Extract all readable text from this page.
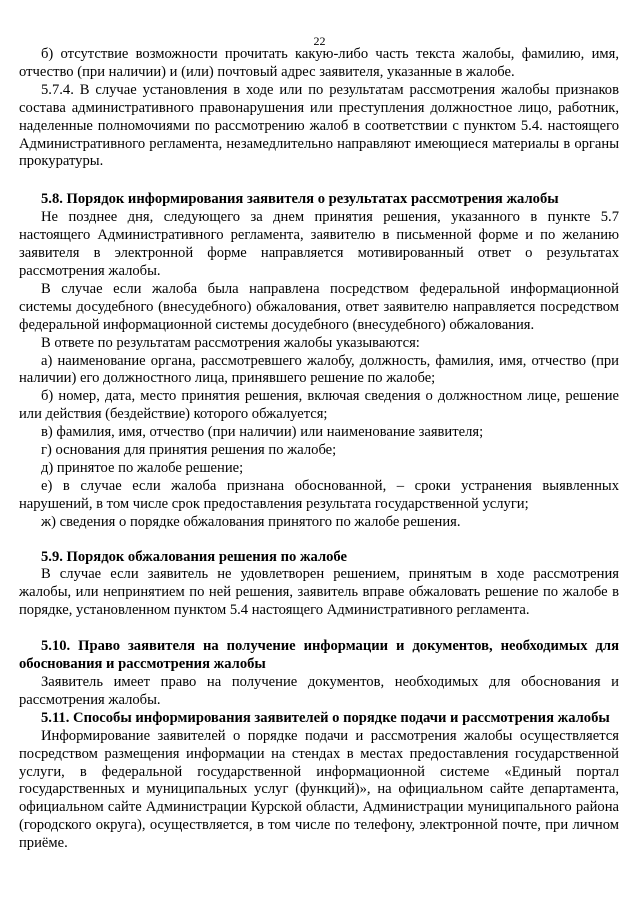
22

б) отсутствие возможности прочитать какую-либо часть текста жалобы, фамилию, имя, отчество (при наличии) и (или) почтовый адрес заявителя, указанные в жалобе.

5.7.4. В случае установления в ходе или по результатам рассмотрения жалобы признаков состава административного правонарушения или преступления должностное лицо, работник, наделенные полномочиями по рассмотрению жалоб в соответствии с пунктом 5.4. настоящего Административного регламента, незамедлительно направляют имеющиеся материалы в органы прокуратуры.

5.8. Порядок информирования заявителя о результатах рассмотрения жалобы

Не позднее дня, следующего за днем принятия решения, указанного в пункте 5.7 настоящего Административного регламента, заявителю в письменной форме и по желанию заявителя в электронной форме направляется мотивированный ответ о результатах рассмотрения жалобы.

В случае если жалоба была направлена посредством федеральной информационной системы досудебного (внесудебного) обжалования, ответ заявителю направляется посредством федеральной информационной системы досудебного (внесудебного) обжалования.

В ответе по результатам рассмотрения жалобы указываются:

а) наименование органа, рассмотревшего жалобу, должность, фамилия, имя, отчество (при наличии) его должностного лица, принявшего решение по жалобе;

б) номер, дата, место принятия решения, включая сведения о должностном лице, решение или действия (бездействие) которого обжалуется;

в) фамилия, имя, отчество (при наличии) или наименование заявителя;

г) основания для принятия решения по жалобе;

д) принятое по жалобе решение;

е) в случае если жалоба признана обоснованной, – сроки устранения выявленных нарушений, в том числе срок предоставления результата государственной услуги;

ж) сведения о порядке обжалования принятого по жалобе решения.

5.9. Порядок обжалования решения по жалобе

В случае если заявитель не удовлетворен решением, принятым в ходе рассмотрения жалобы, или непринятием по ней решения, заявитель вправе обжаловать решение по жалобе в порядке, установленном пунктом 5.4 настоящего Административного регламента.

5.10. Право заявителя на получение информации и документов, необходимых для обоснования и рассмотрения жалобы

Заявитель имеет право на получение документов, необходимых для обоснования и рассмотрения жалобы.

5.11. Способы информирования заявителей о порядке подачи и рассмотрения жалобы

Информирование заявителей о порядке подачи и рассмотрения жалобы осуществляется посредством размещения информации на стендах в местах предоставления государственной услуги, в федеральной государственной информационной системе «Единый портал государственных и муниципальных услуг (функций)», на официальном сайте департамента, официальном сайте Администрации Курской области, Администрации муниципального района (городского округа), осуществляется, в том числе по телефону, электронной почте, при личном приёме.
